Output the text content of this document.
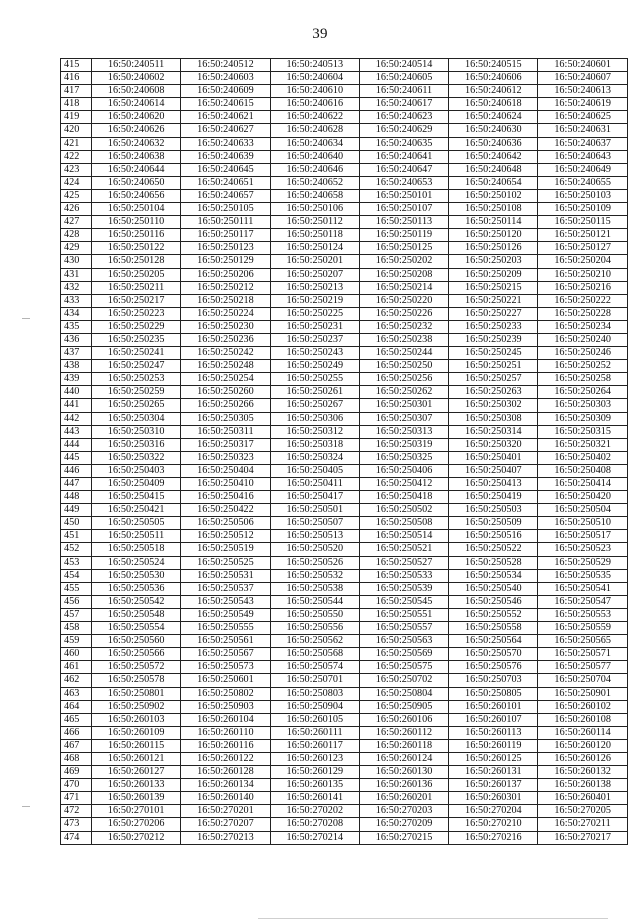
39
415	16:50:240511	16:50:240512	16:50:240513	16:50:240514	16:50:240515	16:50:240601
416	16:50:240602	16:50:240603	16:50:240604	16:50:240605	16:50:240606	16:50:240607
417	16:50:240608	16:50:240609	16:50:240610	16:50:240611	16:50:240612	16:50:240613
418	16:50:240614	16:50:240615	16:50:240616	16:50:240617	16:50:240618	16:50:240619
419	16:50:240620	16:50:240621	16:50:240622	16:50:240623	16:50:240624	16:50:240625
420	16:50:240626	16:50:240627	16:50:240628	16:50:240629	16:50:240630	16:50:240631
421	16:50:240632	16:50:240633	16:50:240634	16:50:240635	16:50:240636	16:50:240637
422	16:50:240638	16:50:240639	16:50:240640	16:50:240641	16:50:240642	16:50:240643
423	16:50:240644	16:50:240645	16:50:240646	16:50:240647	16:50:240648	16:50:240649
424	16:50:240650	16:50:240651	16:50:240652	16:50:240653	16:50:240654	16:50:240655
425	16:50:240656	16:50:240657	16:50:240658	16:50:250101	16:50:250102	16:50:250103
426	16:50:250104	16:50:250105	16:50:250106	16:50:250107	16:50:250108	16:50:250109
427	16:50:250110	16:50:250111	16:50:250112	16:50:250113	16:50:250114	16:50:250115
428	16:50:250116	16:50:250117	16:50:250118	16:50:250119	16:50:250120	16:50:250121
429	16:50:250122	16:50:250123	16:50:250124	16:50:250125	16:50:250126	16:50:250127
430	16:50:250128	16:50:250129	16:50:250201	16:50:250202	16:50:250203	16:50:250204
431	16:50:250205	16:50:250206	16:50:250207	16:50:250208	16:50:250209	16:50:250210
432	16:50:250211	16:50:250212	16:50:250213	16:50:250214	16:50:250215	16:50:250216
433	16:50:250217	16:50:250218	16:50:250219	16:50:250220	16:50:250221	16:50:250222
434	16:50:250223	16:50:250224	16:50:250225	16:50:250226	16:50:250227	16:50:250228
435	16:50:250229	16:50:250230	16:50:250231	16:50:250232	16:50:250233	16:50:250234
436	16:50:250235	16:50:250236	16:50:250237	16:50:250238	16:50:250239	16:50:250240
437	16:50:250241	16:50:250242	16:50:250243	16:50:250244	16:50:250245	16:50:250246
438	16:50:250247	16:50:250248	16:50:250249	16:50:250250	16:50:250251	16:50:250252
439	16:50:250253	16:50:250254	16:50:250255	16:50:250256	16:50:250257	16:50:250258
440	16:50:250259	16:50:250260	16:50:250261	16:50:250262	16:50:250263	16:50:250264
441	16:50:250265	16:50:250266	16:50:250267	16:50:250301	16:50:250302	16:50:250303
442	16:50:250304	16:50:250305	16:50:250306	16:50:250307	16:50:250308	16:50:250309
443	16:50:250310	16:50:250311	16:50:250312	16:50:250313	16:50:250314	16:50:250315
444	16:50:250316	16:50:250317	16:50:250318	16:50:250319	16:50:250320	16:50:250321
445	16:50:250322	16:50:250323	16:50:250324	16:50:250325	16:50:250401	16:50:250402
446	16:50:250403	16:50:250404	16:50:250405	16:50:250406	16:50:250407	16:50:250408
447	16:50:250409	16:50:250410	16:50:250411	16:50:250412	16:50:250413	16:50:250414
448	16:50:250415	16:50:250416	16:50:250417	16:50:250418	16:50:250419	16:50:250420
449	16:50:250421	16:50:250422	16:50:250501	16:50:250502	16:50:250503	16:50:250504
450	16:50:250505	16:50:250506	16:50:250507	16:50:250508	16:50:250509	16:50:250510
451	16:50:250511	16:50:250512	16:50:250513	16:50:250514	16:50:250516	16:50:250517
452	16:50:250518	16:50:250519	16:50:250520	16:50:250521	16:50:250522	16:50:250523
453	16:50:250524	16:50:250525	16:50:250526	16:50:250527	16:50:250528	16:50:250529
454	16:50:250530	16:50:250531	16:50:250532	16:50:250533	16:50:250534	16:50:250535
455	16:50:250536	16:50:250537	16:50:250538	16:50:250539	16:50:250540	16:50:250541
456	16:50:250542	16:50:250543	16:50:250544	16:50:250545	16:50:250546	16:50:250547
457	16:50:250548	16:50:250549	16:50:250550	16:50:250551	16:50:250552	16:50:250553
458	16:50:250554	16:50:250555	16:50:250556	16:50:250557	16:50:250558	16:50:250559
459	16:50:250560	16:50:250561	16:50:250562	16:50:250563	16:50:250564	16:50:250565
460	16:50:250566	16:50:250567	16:50:250568	16:50:250569	16:50:250570	16:50:250571
461	16:50:250572	16:50:250573	16:50:250574	16:50:250575	16:50:250576	16:50:250577
462	16:50:250578	16:50:250601	16:50:250701	16:50:250702	16:50:250703	16:50:250704
463	16:50:250801	16:50:250802	16:50:250803	16:50:250804	16:50:250805	16:50:250901
464	16:50:250902	16:50:250903	16:50:250904	16:50:250905	16:50:260101	16:50:260102
465	16:50:260103	16:50:260104	16:50:260105	16:50:260106	16:50:260107	16:50:260108
466	16:50:260109	16:50:260110	16:50:260111	16:50:260112	16:50:260113	16:50:260114
467	16:50:260115	16:50:260116	16:50:260117	16:50:260118	16:50:260119	16:50:260120
468	16:50:260121	16:50:260122	16:50:260123	16:50:260124	16:50:260125	16:50:260126
469	16:50:260127	16:50:260128	16:50:260129	16:50:260130	16:50:260131	16:50:260132
470	16:50:260133	16:50:260134	16:50:260135	16:50:260136	16:50:260137	16:50:260138
471	16:50:260139	16:50:260140	16:50:260141	16:50:260201	16:50:260301	16:50:260401
472	16:50:270101	16:50:270201	16:50:270202	16:50:270203	16:50:270204	16:50:270205
473	16:50:270206	16:50:270207	16:50:270208	16:50:270209	16:50:270210	16:50:270211
474	16:50:270212	16:50:270213	16:50:270214	16:50:270215	16:50:270216	16:50:270217
